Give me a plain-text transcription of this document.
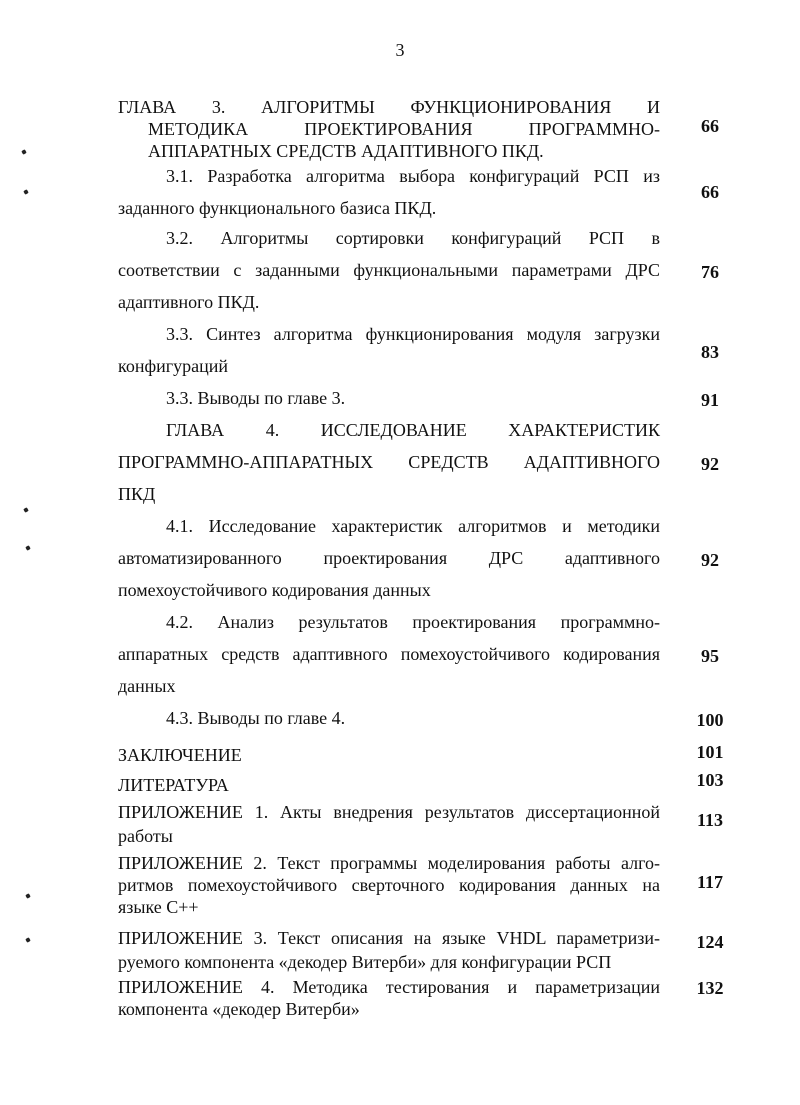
3
ГЛАВА 3. АЛГОРИТМЫ ФУНКЦИОНИРОВАНИЯ И
МЕТОДИКА ПРОЕКТИРОВАНИЯ ПРОГРАММНО-
АППАРАТНЫХ СРЕДСТВ АДАПТИВНОГО ПКД.
66
3.1. Разработка алгоритма выбора конфигураций РСП из
заданного функционального базиса ПКД.
66
3.2. Алгоритмы сортировки конфигураций РСП в
соответствии с заданными функциональными параметрами ДРС
адаптивного ПКД.
76
3.3. Синтез алгоритма функционирования модуля загрузки
конфигураций
83
3.3. Выводы по главе 3.	91
ГЛАВА 4. ИССЛЕДОВАНИЕ ХАРАКТЕРИСТИК
ПРОГРАММНО-АППАРАТНЫХ СРЕДСТВ АДАПТИВНОГО
ПКД
92
4.1. Исследование характеристик алгоритмов и методики
автоматизированного проектирования ДРС адаптивного
помехоустойчивого кодирования данных
92
4.2. Анализ результатов проектирования программно-
аппаратных средств адаптивного помехоустойчивого кодирования
данных
95
4.3. Выводы по главе 4.	100
ЗАКЛЮЧЕНИЕ	101
ЛИТЕРАТУРА	103
ПРИЛОЖЕНИЕ 1. Акты внедрения результатов диссертационной
работы
113
ПРИЛОЖЕНИЕ 2. Текст программы моделирования работы алго-
ритмов помехоустойчивого сверточного кодирования данных на
языке С++
117
ПРИЛОЖЕНИЕ 3. Текст описания на языке VHDL параметризи-
руемого компонента «декодер Витерби» для конфигурации РСП
124
ПРИЛОЖЕНИЕ 4. Методика тестирования и параметризации
компонента «декодер Витерби»
132
